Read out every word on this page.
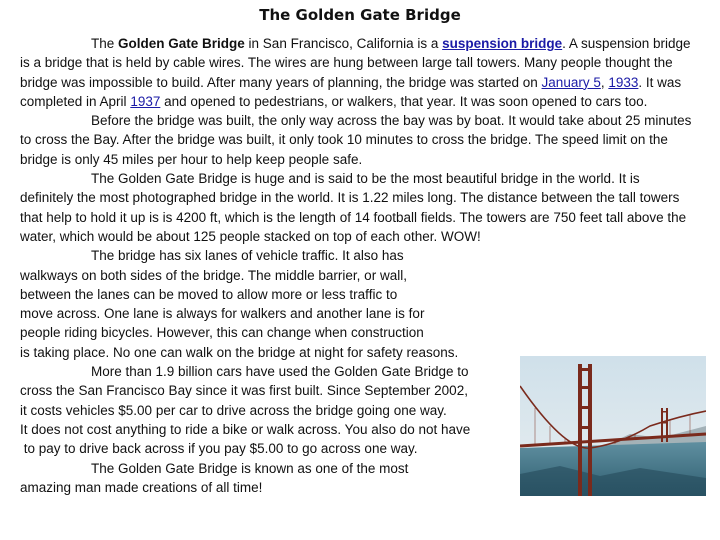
The Golden Gate Bridge

The Golden Gate Bridge in San Francisco, California is a suspension bridge. A suspension bridge is a bridge that is held by cable wires. The wires are hung between large tall towers. Many people thought the bridge was impossible to build. After many years of planning, the bridge was started on January 5, 1933. It was completed in April 1937 and opened to pedestrians, or walkers, that year. It was soon opened to cars too.

Before the bridge was built, the only way across the bay was by boat. It would take about 25 minutes to cross the Bay. After the bridge was built, it only took 10 minutes to cross the bridge. The speed limit on the bridge is only 45 miles per hour to help keep people safe.

The Golden Gate Bridge is huge and is said to be the most beautiful bridge in the world. It is definitely the most photographed bridge in the world. It is 1.22 miles long. The distance between the tall towers that help to hold it up is is 4200 ft, which is the length of 14 football fields. The towers are 750 feet tall above the water, which would be about 125 people stacked on top of each other. WOW!

The bridge has six lanes of vehicle traffic. It also has
walkways on both sides of the bridge. The middle barrier, or wall,
between the lanes can be moved to allow more or less traffic to
move across. One lane is always for walkers and another lane is for
people riding bicycles. However, this can change when construction
is taking place. No one can walk on the bridge at night for safety reasons.

More than 1.9 billion cars have used the Golden Gate Bridge to
cross the San Francisco Bay since it was first built. Since September 2002,
it costs vehicles $5.00 per car to drive across the bridge going one way.
It does not cost anything to ride a bike or walk across. You also do not have
to pay to drive back across if you pay $5.00 to go across one way.

The Golden Gate Bridge is known as one of the most
amazing man made creations of all time!
